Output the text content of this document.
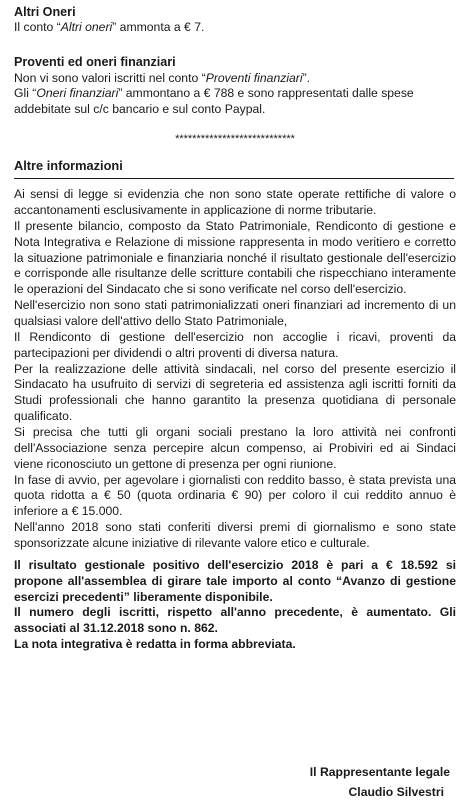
Altri Oneri

Il conto “Altri oneri” ammonta a € 7.

Proventi ed oneri finanziari

Non vi sono valori iscritti nel conto “Proventi finanziari”.

Gli “Oneri finanziari” ammontano a € 788 e sono rappresentati dalle spese addebitate sul c/c bancario e sul conto Paypal.

****************************
Altre informazioni

Ai sensi di legge si evidenzia che non sono state operate rettifiche di valore o accantonamenti esclusivamente in applicazione di norme tributarie.

Il presente bilancio, composto da Stato Patrimoniale, Rendiconto di gestione e Nota Integrativa e Relazione di missione rappresenta in modo veritiero e corretto la situazione patrimoniale e finanziaria nonché il risultato gestionale dell'esercizio e corrisponde alle risultanze delle scritture contabili che rispecchiano interamente le operazioni del Sindacato che si sono verificate nel corso dell'esercizio.

Nell'esercizio non sono stati patrimonializzati oneri finanziari ad incremento di un qualsiasi valore dell'attivo dello Stato Patrimoniale,

Il Rendiconto di gestione dell'esercizio non accoglie i ricavi, proventi da partecipazioni per dividendi o altri proventi di diversa natura.

Per la realizzazione delle attività sindacali, nel corso del presente esercizio il Sindacato ha usufruito di servizi di segreteria ed assistenza agli iscritti forniti da Studi professionali che hanno garantito la presenza quotidiana di personale qualificato.

Si precisa che tutti gli organi sociali prestano la loro attività nei confronti dell'Associazione senza percepire alcun compenso, ai Probiviri ed ai Sindaci viene riconosciuto un gettone di presenza per ogni riunione.

In fase di avvio, per agevolare i giornalisti con reddito basso, è stata prevista una quota ridotta a € 50 (quota ordinaria € 90) per coloro il cui reddito annuo è inferiore a € 15.000.

Nell'anno 2018 sono stati conferiti diversi premi di giornalismo e sono state sponsorizzate alcune iniziative di rilevante valore etico e culturale.

Il risultato gestionale positivo dell'esercizio 2018 è pari a € 18.592 si propone all'assemblea di girare tale importo al conto “Avanzo di gestione esercizi precedenti” liberamente disponibile.

Il numero degli iscritti, rispetto all'anno precedente, è aumentato. Gli associati al 31.12.2018 sono n. 862.

La nota integrativa è redatta in forma abbreviata.

Il Rappresentante legale
Claudio Silvestri
